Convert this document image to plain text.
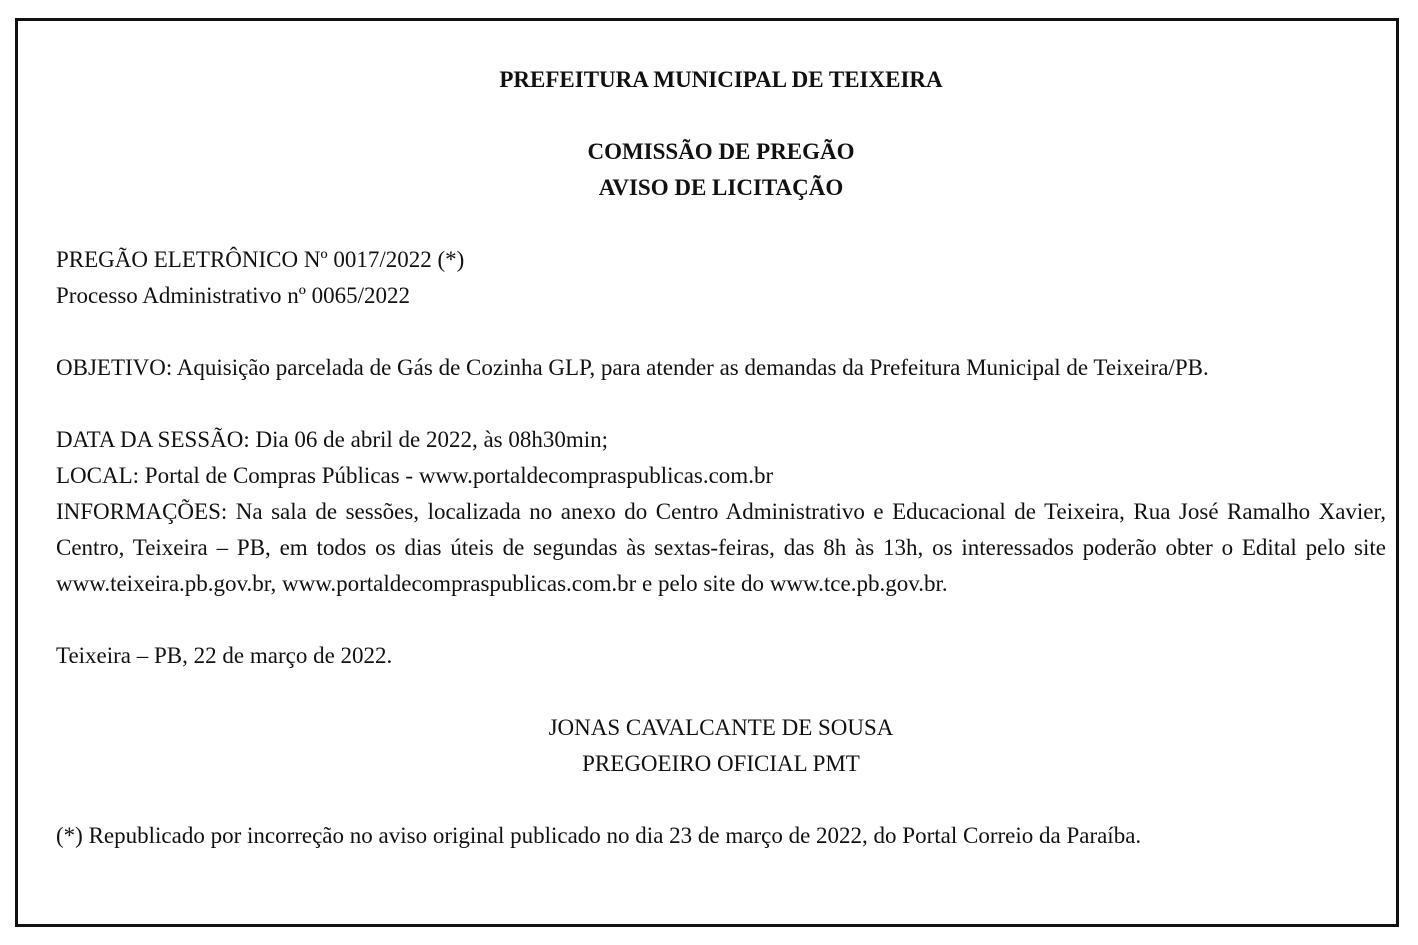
PREFEITURA MUNICIPAL DE TEIXEIRA
COMISSÃO DE PREGÃO
AVISO DE LICITAÇÃO
PREGÃO ELETRÔNICO Nº 0017/2022 (*)
Processo Administrativo nº 0065/2022
OBJETIVO: Aquisição parcelada de Gás de Cozinha GLP, para atender as demandas da Prefeitura Municipal de Teixeira/PB.
DATA DA SESSÃO: Dia 06 de abril de 2022, às 08h30min;
LOCAL: Portal de Compras Públicas - www.portaldecompraspublicas.com.br
INFORMAÇÕES: Na sala de sessões, localizada no anexo do Centro Administrativo e Educacional de Teixeira, Rua José Ramalho Xavier, Centro, Teixeira – PB, em todos os dias úteis de segundas às sextas-feiras, das 8h às 13h, os interessados poderão obter o Edital pelo site www.teixeira.pb.gov.br, www.portaldecompraspublicas.com.br e pelo site do www.tce.pb.gov.br.
Teixeira – PB, 22 de março de 2022.
JONAS CAVALCANTE DE SOUSA
PREGOEIRO OFICIAL PMT
(*) Republicado por incorreção no aviso original publicado no dia 23 de março de 2022, do Portal Correio da Paraíba.
